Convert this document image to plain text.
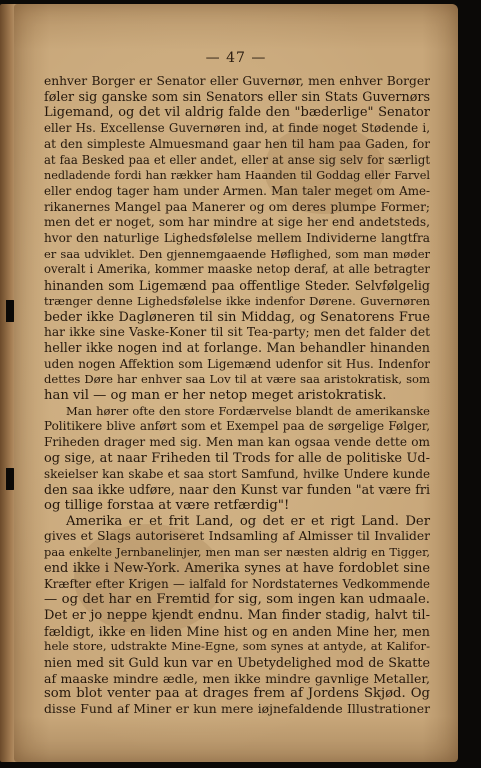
— 47 —
enhver Borger er Senator eller Guvernør, men enhver Borger
føler sig ganske som sin Senators eller sin Stats Guvernørs
Ligemand, og det vil aldrig falde den "bæderlige" Senator
eller Hs. Excellense Guvernøren ind, at finde noget Stødende i,
at den simpleste Almuesmand gaar hen til ham paa Gaden, for
at faa Besked paa et eller andet, eller at anse sig selv for særligt
nedladende fordi han rækker ham Haanden til Goddag eller Farvel
eller endog tager ham under Armen. Man taler meget om Ame-
rikanernes Mangel paa Manerer og om deres plumpe Former;
men det er noget, som har mindre at sige her end andetsteds,
hvor den naturlige Lighedsfølelse mellem Individerne langtfra
er saa udviklet. Den gjennemgaaende Høflighed, som man møder
overalt i Amerika, kommer maaske netop deraf, at alle betragter
hinanden som Ligemænd paa offentlige Steder. Selvfølgelig
trænger denne Lighedsfølelse ikke indenfor Dørene. Guvernøren
beder ikke Dagløneren til sin Middag, og Senatorens Frue
har ikke sine Vaske-Koner til sit Tea-party; men det falder det
heller ikke nogen ind at forlange. Man behandler hinanden
uden nogen Affektion som Ligemænd udenfor sit Hus. Indenfor
dettes Døre har enhver saa Lov til at være saa aristokratisk, som
han vil — og man er her netop meget aristokratisk.
Man hører ofte den store Fordærvelse blandt de amerikanske
Politikere blive anført som et Exempel paa de sørgelige Følger,
Friheden drager med sig. Men man kan ogsaa vende dette om
og sige, at naar Friheden til Trods for alle de politiske Ud-
skeielser kan skabe et saa stort Samfund, hvilke Undere kunde
den saa ikke udføre, naar den Kunst var funden "at være fri
og tillige forstaa at være retfærdig"!
Amerika er et frit Land, og det er et rigt Land. Der
gives et Slags autoriseret Indsamling af Almisser til Invalider
paa enkelte Jernbanelinjer, men man ser næsten aldrig en Tigger,
end ikke i New-York. Amerika synes at have fordoblet sine
Kræfter efter Krigen — ialfald for Nordstaternes Vedkommende
— og det har en Fremtid for sig, som ingen kan udmaale.
Det er jo neppe kjendt endnu. Man finder stadig, halvt til-
fældigt, ikke en liden Mine hist og en anden Mine her, men
hele store, udstrakte Mine-Egne, som synes at antyde, at Kalifor-
nien med sit Guld kun var en Ubetydelighed mod de Skatte
af maaske mindre ædle, men ikke mindre gavnlige Metaller,
som blot venter paa at drages frem af Jordens Skjød. Og
disse Fund af Miner er kun mere iøjnefaldende Illustrationer
